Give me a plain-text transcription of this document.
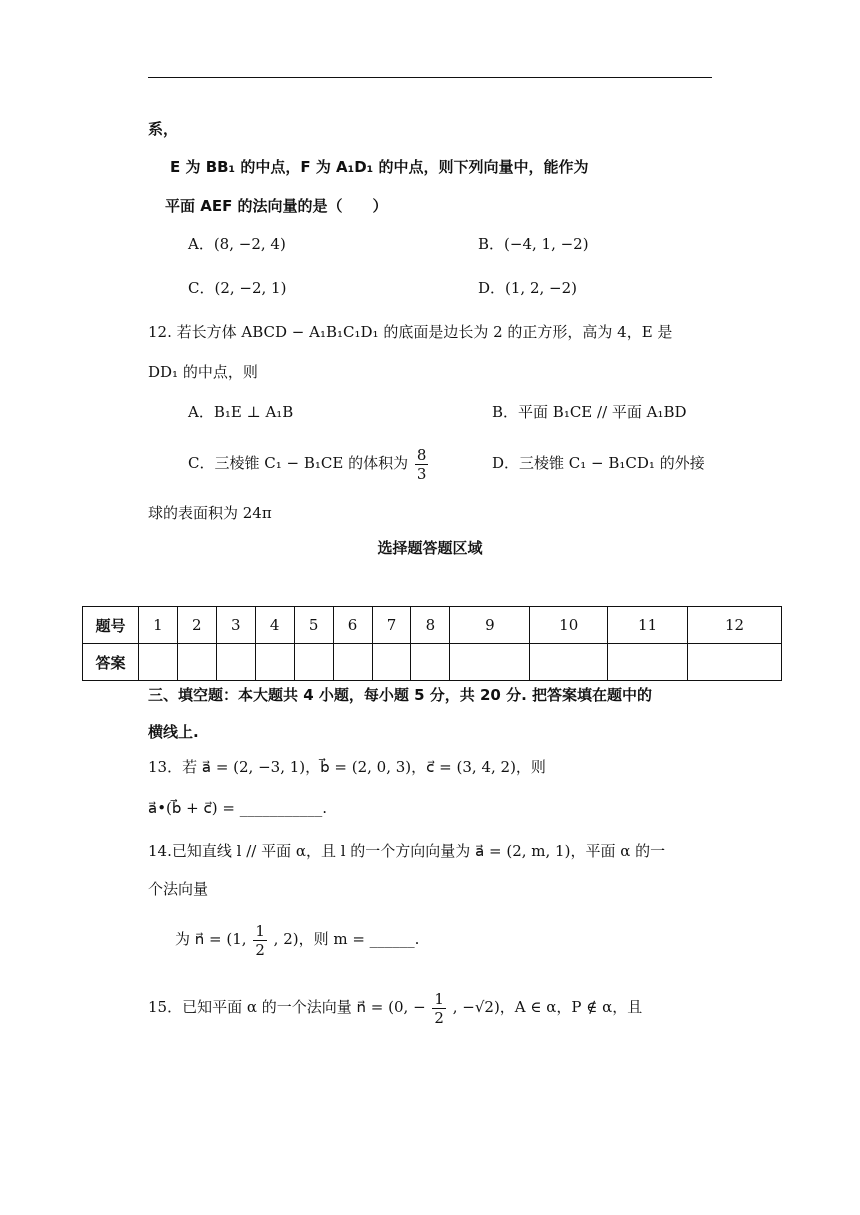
系，
E 为 BB₁ 的中点，F 为 A₁D₁ 的中点，则下列向量中，能作为
平面 AEF 的法向量的是（　　）
A．(8, −2, 4)	B．(−4, 1, −2)
C．(2, −2, 1)	D．(1, 2, −2)
12. 若长方体 ABCD − A₁B₁C₁D₁ 的底面是边长为 2 的正方形，高为 4，E 是
DD₁ 的中点，则
A．B₁E ⊥ A₁B	B．平面 B₁CE // 平面 A₁BD
C．三棱锥 C₁ − B₁CE 的体积为 $\frac{8}{3}$	D．三棱锥 C₁ − B₁CD₁ 的外接
球的表面积为 24π
选择题答题区域
题号	1	2	3	4	5	6	7	8	9	10	11	12
答案												
三、填空题：本大题共 4 小题，每小题 5 分，共 20 分. 把答案填在题中的
横线上.
13．若 a⃗ = (2, −3, 1)，b⃗ = (2, 0, 3)，c⃗ = (3, 4, 2)，则
a⃗•(b⃗ + c⃗) = ___________.
14.已知直线 l // 平面 α，且 l 的一个方向向量为 a⃗ = (2, m, 1)，平面 α 的一
个法向量
为 n⃗ = (1, $\frac{1}{2}$ , 2)，则 m = ______.
15．已知平面 α 的一个法向量 n⃗ = (0, − $\frac{1}{2}$ , −√2)，A ∈ α，P ∉ α，且
